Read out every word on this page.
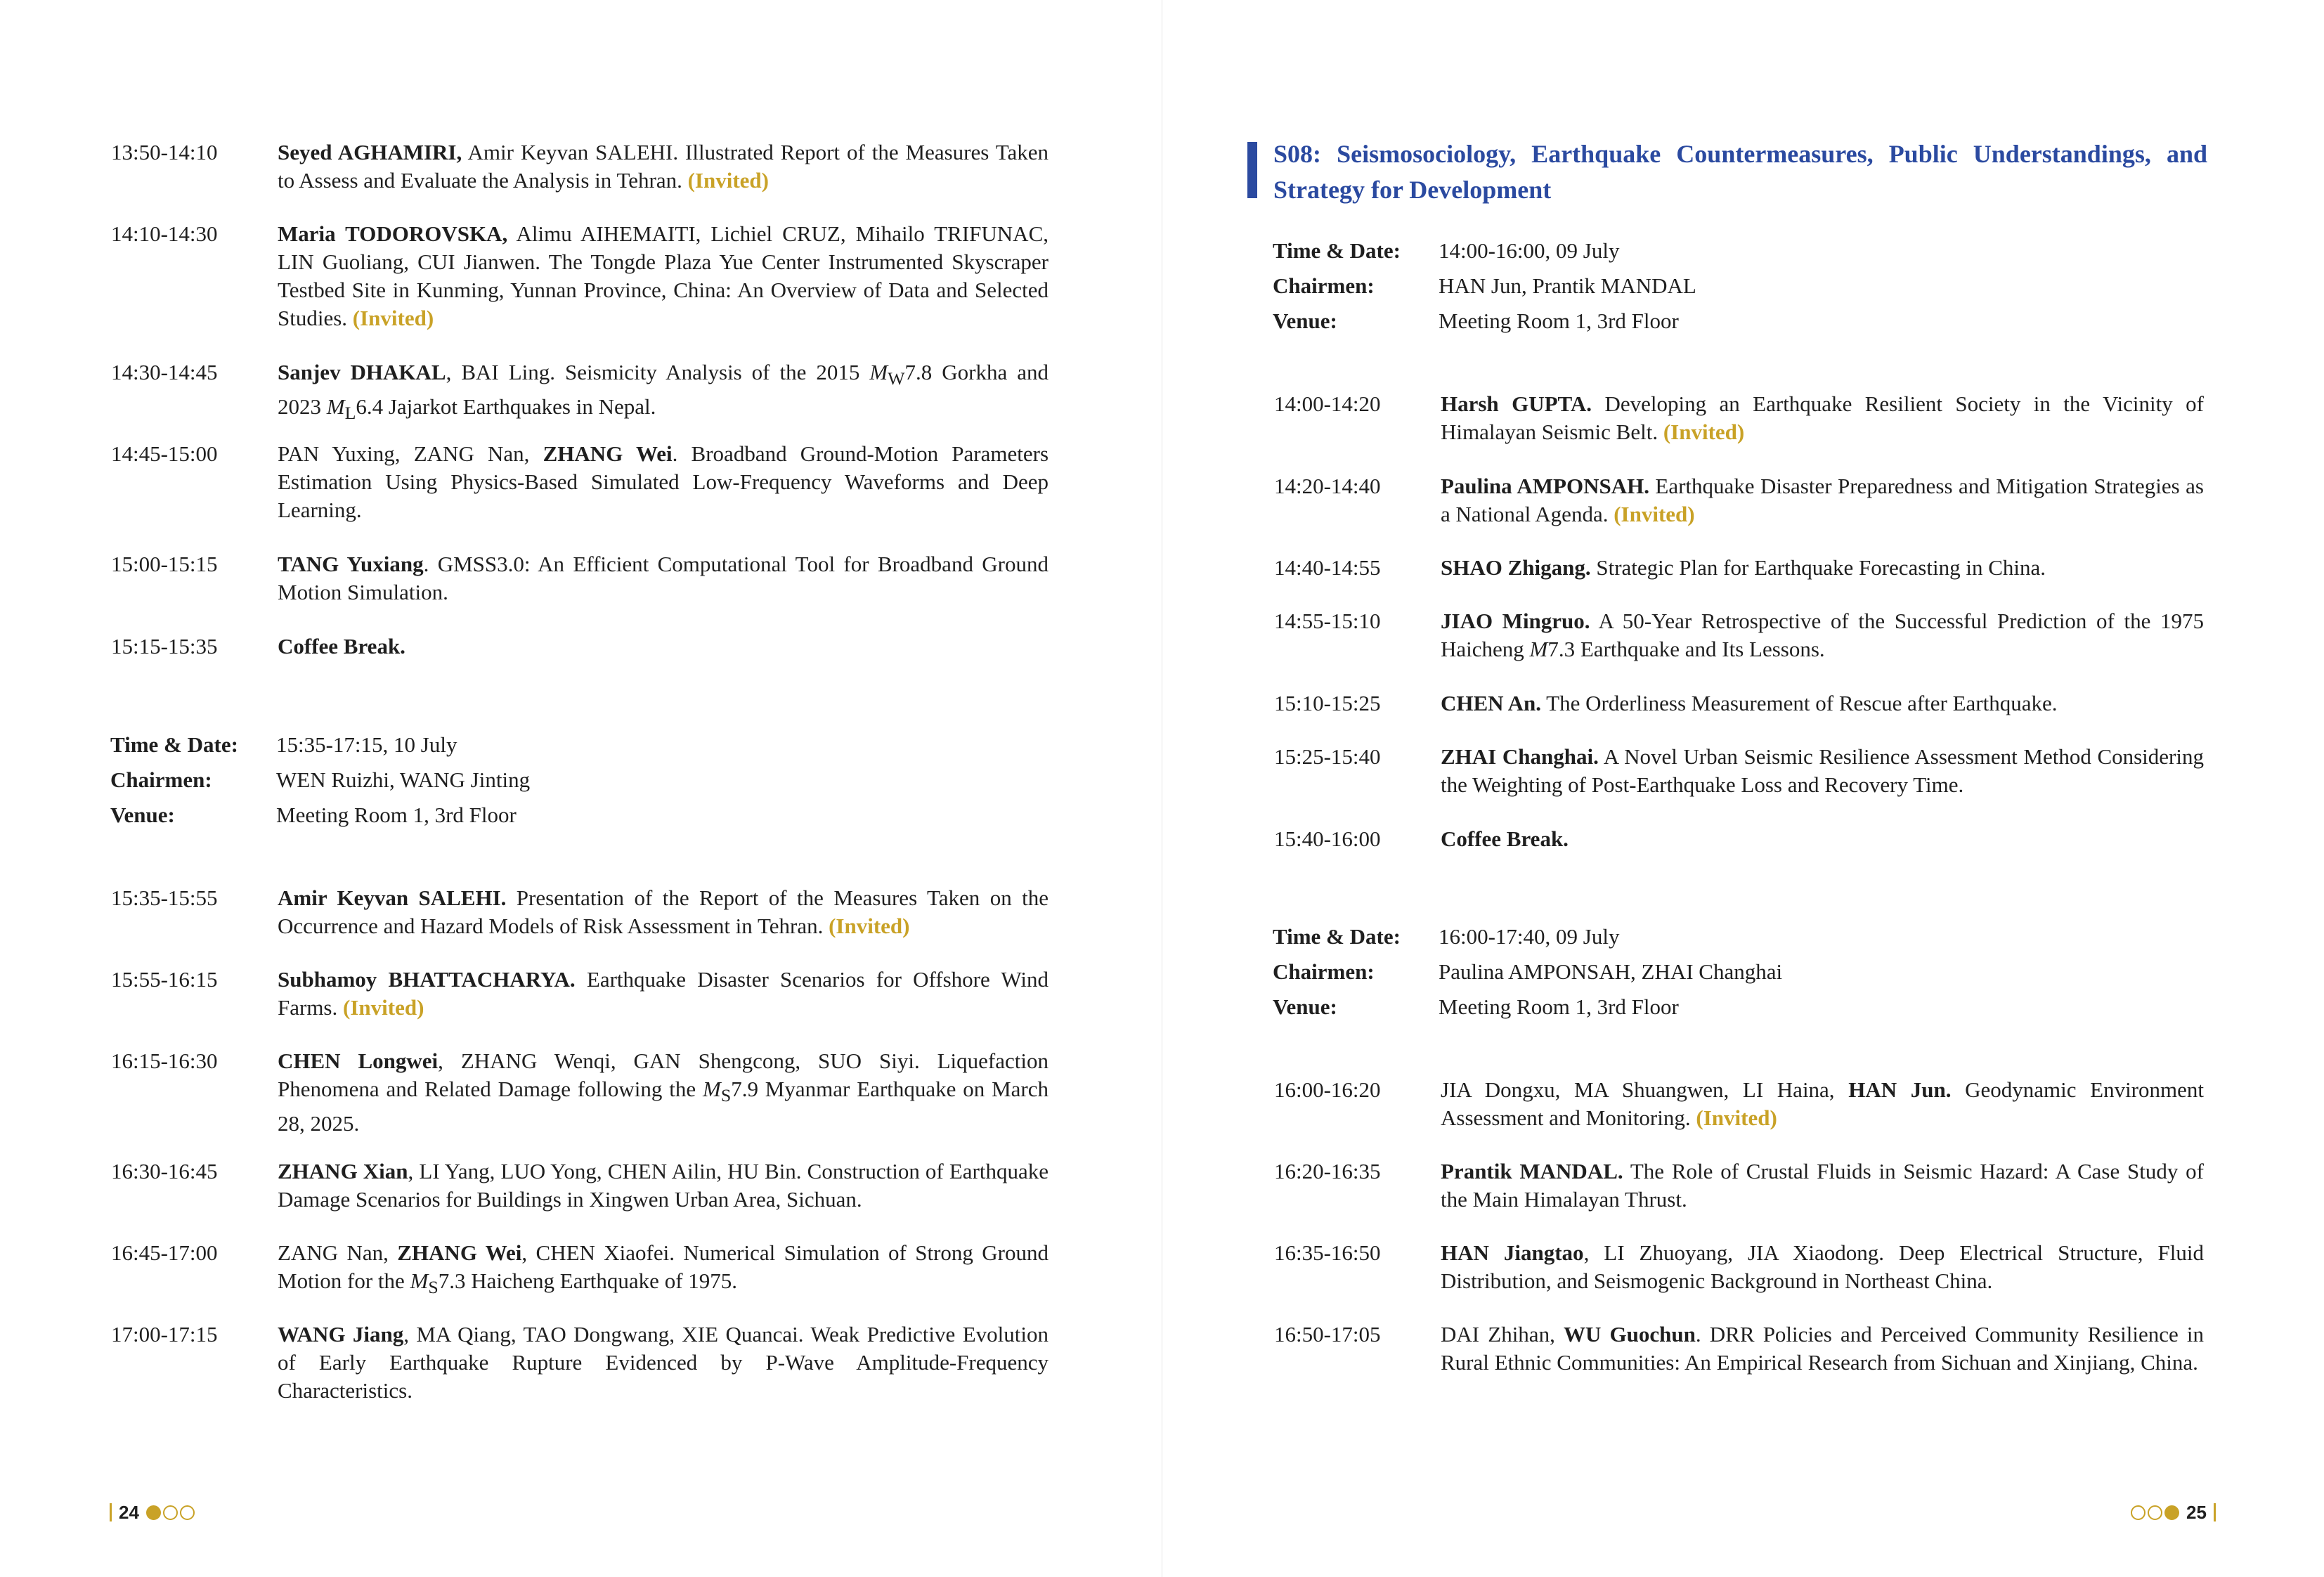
13:50-14:10	Seyed AGHAMIRI, Amir Keyvan SALEHI. Illustrated Report of the Measures Taken to Assess and Evaluate the Analysis in Tehran. (Invited)
14:10-14:30	Maria TODOROVSKA, Alimu AIHEMAITI, Lichiel CRUZ, Mihailo TRIFUNAC, LIN Guoliang, CUI Jianwen. The Tongde Plaza Yue Center Instrumented Skyscraper Testbed Site in Kunming, Yunnan Province, China: An Overview of Data and Selected Studies. (Invited)
14:30-14:45	Sanjev DHAKAL, BAI Ling. Seismicity Analysis of the 2015 $M_W7.8$ Gorkha and 2023 $M_L6.4$ Jajarkot Earthquakes in Nepal.
14:45-15:00	PAN Yuxing, ZANG Nan, ZHANG Wei. Broadband Ground-Motion Parameters Estimation Using Physics-Based Simulated Low-Frequency Waveforms and Deep Learning.
15:00-15:15	TANG Yuxiang. GMSS3.0: An Efficient Computational Tool for Broadband Ground Motion Simulation.
15:15-15:35	Coffee Break.
Time & Date:	15:35-17:15, 10 July
Chairmen:	WEN Ruizhi, WANG Jinting
Venue:	Meeting Room 1, 3rd Floor
15:35-15:55	Amir Keyvan SALEHI. Presentation of the Report of the Measures Taken on the Occurrence and Hazard Models of Risk Assessment in Tehran. (Invited)
15:55-16:15	Subhamoy BHATTACHARYA. Earthquake Disaster Scenarios for Offshore Wind Farms. (Invited)
16:15-16:30	CHEN Longwei, ZHANG Wenqi, GAN Shengcong, SUO Siyi. Liquefaction Phenomena and Related Damage following the $M_S7.9$ Myanmar Earthquake on March 28, 2025.
16:30-16:45	ZHANG Xian, LI Yang, LUO Yong, CHEN Ailin, HU Bin. Construction of Earthquake Damage Scenarios for Buildings in Xingwen Urban Area, Sichuan.
16:45-17:00	ZANG Nan, ZHANG Wei, CHEN Xiaofei. Numerical Simulation of Strong Ground Motion for the $M_S7.3$ Haicheng Earthquake of 1975.
17:00-17:15	WANG Jiang, MA Qiang, TAO Dongwang, XIE Quancai. Weak Predictive Evolution of Early Earthquake Rupture Evidenced by P-Wave Amplitude-Frequency Characteristics.
24
S08: Seismosociology, Earthquake Countermeasures, Public Understandings, and Strategy for Development
Time & Date:	14:00-16:00, 09 July
Chairmen:	HAN Jun, Prantik MANDAL
Venue:	Meeting Room 1, 3rd Floor
14:00-14:20	Harsh GUPTA. Developing an Earthquake Resilient Society in the Vicinity of Himalayan Seismic Belt. (Invited)
14:20-14:40	Paulina AMPONSAH. Earthquake Disaster Preparedness and Mitigation Strategies as a National Agenda. (Invited)
14:40-14:55	SHAO Zhigang. Strategic Plan for Earthquake Forecasting in China.
14:55-15:10	JIAO Mingruo. A 50-Year Retrospective of the Successful Prediction of the 1975 Haicheng M7.3 Earthquake and Its Lessons.
15:10-15:25	CHEN An. The Orderliness Measurement of Rescue after Earthquake.
15:25-15:40	ZHAI Changhai. A Novel Urban Seismic Resilience Assessment Method Considering the Weighting of Post-Earthquake Loss and Recovery Time.
15:40-16:00	Coffee Break.
Time & Date:	16:00-17:40, 09 July
Chairmen:	Paulina AMPONSAH, ZHAI Changhai
Venue:	Meeting Room 1, 3rd Floor
16:00-16:20	JIA Dongxu, MA Shuangwen, LI Haina, HAN Jun. Geodynamic Environment Assessment and Monitoring. (Invited)
16:20-16:35	Prantik MANDAL. The Role of Crustal Fluids in Seismic Hazard: A Case Study of the Main Himalayan Thrust.
16:35-16:50	HAN Jiangtao, LI Zhuoyang, JIA Xiaodong. Deep Electrical Structure, Fluid Distribution, and Seismogenic Background in Northeast China.
16:50-17:05	DAI Zhihan, WU Guochun. DRR Policies and Perceived Community Resilience in Rural Ethnic Communities: An Empirical Research from Sichuan and Xinjiang, China.
25
